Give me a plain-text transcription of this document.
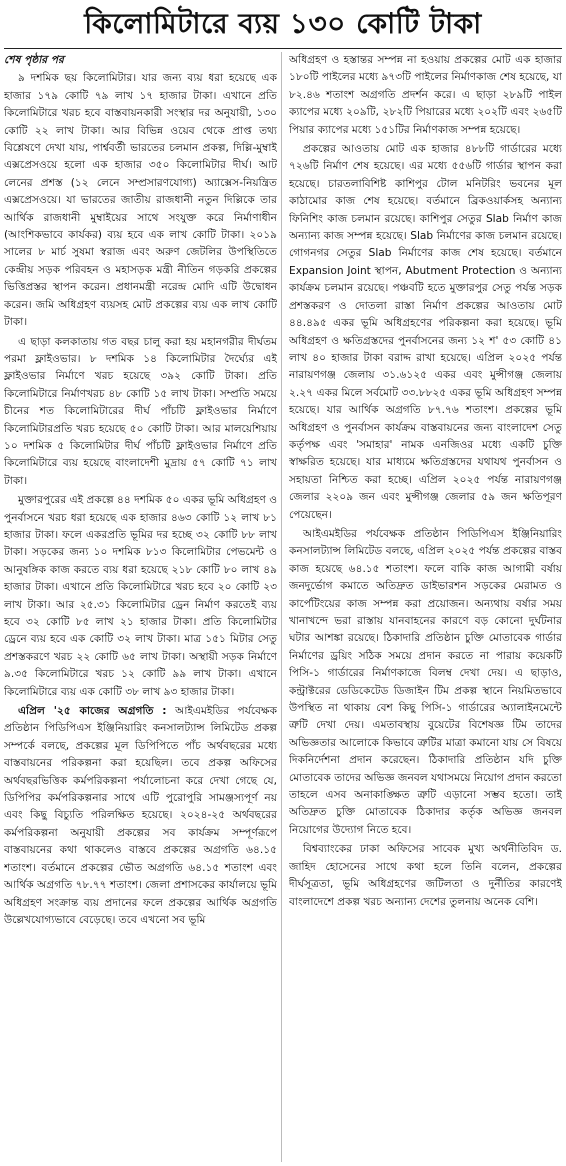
কিলোমিটারে ব্যয় ১৩০ কোটি টাকা
শেষ পৃষ্ঠার পর

৯ দশমিক ছয় কিলোমিটার। যার জন্য ব্যয় ধরা হয়েছে এক হাজার ১৭৯ কোটি ৭৯ লাখ ১৭ হাজার টাকা। এখানে প্রতি কিলোমিটারে খরচ হবে বাস্তবায়নকারী সংস্থার দর অনুযায়ী, ১৩০ কোটি ২২ লাখ টাকা। আর বিভিন্ন ওয়েব থেকে প্রাপ্ত তথ্য বিশ্লেষণে দেখা যায়, পার্শ্ববর্তী ভারতের চলমান প্রকল্প, দিল্লি-মুম্বাই এক্সপ্রেসওয়ে হলো এক হাজার ৩৫০ কিলোমিটার দীর্ঘ। আট লেনের প্রশস্ত (১২ লেনে সম্প্রসারণযোগ্য) অ্যাক্সেস-নিয়ন্ত্রিত এক্সপ্রেসওয়ে। যা ভারতের জাতীয় রাজধানী নতুন দিল্লিকে তার আর্থিক রাজধানী মুম্বাইয়ের সাথে সংযুক্ত করে নির্মাণাধীন (আংশিকভাবে কার্যকর) ব্যয় হবে এক লাখ কোটি টাকা। ২০১৯ সালের ৮ মার্চ সুষমা স্বরাজ এবং অরুণ জেটলির উপস্থিতিতে কেন্দ্রীয় সড়ক পরিবহন ও মহাসড়ক মন্ত্রী নীতিন গড়করি প্রকল্পের ভিত্তিপ্রস্তর স্থাপন করেন। প্রধানমন্ত্রী নরেন্দ্র মোদি এটি উদ্বোধন করেন। জমি অধিগ্রহণ ব্যয়সহ মোট প্রকল্পের ব্যয় এক লাখ কোটি টাকা।

এ ছাড়া কলকাতায় গত বছর চালু করা হয় মহানগরীর দীর্ঘতম পরমা ফ্লাইওভার। ৮ দশমিক ১৪ কিলোমিটার দৈর্ঘ্যের এই ফ্লাইওভার নির্মাণে খরচ হয়েছে ৩৯২ কোটি টাকা। প্রতি কিলোমিটারে নির্মাণখরচ ৪৮ কোটি ১৫ লাখ টাকা। সম্প্রতি সময়ে চীনের শত কিলোমিটারের দীর্ঘ পাঁচটি ফ্লাইওভার নির্মাণে কিলোমিটারপ্রতি খরচ হয়েছে ৫০ কোটি টাকা। আর মালয়েশিয়ায় ১০ দশমিক ৫ কিলোমিটার দীর্ঘ পাঁচটি ফ্লাইওভার নির্মাণে প্রতি কিলোমিটারে ব্যয় হয়েছে বাংলাদেশী মুদ্রায় ৫৭ কোটি ৭১ লাখ টাকা।

মুক্তারপুরের এই প্রকল্পে ৪৪ দশমিক ৫০ একর ভূমি অধিগ্রহণ ও পুনর্বাসনে খরচ ধরা হয়েছে এক হাজার ৪৬৩ কোটি ১২ লাখ ৮১ হাজার টাকা। ফলে একরপ্রতি ভূমির দর হচ্ছে ৩২ কোটি ৮৮ লাখ টাকা। সড়কের জন্য ১০ দশমিক ৮১৩ কিলোমিটার পেভমেন্ট ও আনুষঙ্গিক কাজ করতে ব্যয় ধরা হয়েছে ২১৮ কোটি ৮০ লাখ ৪৯ হাজার টাকা। এখানে প্রতি কিলোমিটারে খরচ হবে ২০ কোটি ২৩ লাখ টাকা। আর ২৫.৩১ কিলোমিটার ড্রেন নির্মাণ করতেই ব্যয় হবে ৩২ কোটি ৮৫ লাখ ২১ হাজার টাকা। প্রতি কিলোমিটার ড্রেনে ব্যয় হবে এক কোটি ৩২ লাখ টাকা। মাত্র ১৫১ মিটার সেতু প্রশস্তকরণে খরচ ২২ কোটি ৬৫ লাখ টাকা। অস্থায়ী সড়ক নির্মাণে ৯.৩৫ কিলোমিটারে খরচ ১২ কোটি ৯৯ লাখ টাকা। এখানে কিলোমিটারে ব্যয় এক কোটি ৩৮ লাখ ৯৩ হাজার টাকা।

এপ্রিল '২৫ কাজের অগ্রগতি : আইএমইডির পর্যবেক্ষক প্রতিষ্ঠান পিডিপিএস ইঞ্জিনিয়ারিং কনসালট্যান্স লিমিটেড প্রকল্প সম্পর্কে বলছে, প্রকল্পের মূল ডিপিপিতে পাঁচ অর্থবছরের মধ্যে বাস্তবায়নের পরিকল্পনা করা হয়েছিল। তবে প্রকল্প অফিসের অর্থবছরভিত্তিক কর্মপরিকল্পনা পর্যালোচনা করে দেখা গেছে যে, ডিপিপির কর্মপরিকল্পনার সাথে এটি পুরোপুরি সামঞ্জস্যপূর্ণ নয় এবং কিছু বিচ্যুতি পরিলক্ষিত হয়েছে। ২০২৪-২৫ অর্থবছরের কর্মপরিকল্পনা অনুযায়ী প্রকল্পের সব কার্যক্রম সম্পূর্ণরূপে বাস্তবায়নের কথা থাকলেও বাস্তবে প্রকল্পের অগ্রগতি ৬৪.১৫ শতাংশ। বর্তমানে প্রকল্পের ভৌত অগ্রগতি ৬৪.১৫ শতাংশ এবং আর্থিক অগ্রগতি ৭৮.৭৭ শতাংশ। জেলা প্রশাসকের কার্যালয়ে ভূমি অধিগ্রহণ সংক্রান্ত ব্যয় প্রদানের ফলে প্রকল্পের আর্থিক অগ্রগতি উল্লেখযোগ্যভাবে বেড়েছে। তবে এখনো সব ভূমি

অধিগ্রহণ ও হস্তান্তর সম্পন্ন না হওয়ায় প্রকল্পের মোট এক হাজার ১৮০টি পাইলের মধ্যে ৯৭৩টি পাইলের নির্মাণকাজ শেষ হয়েছে, যা ৮২.৪৬ শতাংশ অগ্রগতি প্রদর্শন করে। এ ছাড়া ২৮৯টি পাইল ক্যাপের মধ্যে ২০৯টি, ২৮২টি পিয়ারের মধ্যে ২০২টি এবং ২৬৫টি পিয়ার ক্যাপের মধ্যে ১৫১টির নির্মাণকাজ সম্পন্ন হয়েছে।

প্রকল্পের আওতায় মোট এক হাজার ৪৮৮টি গার্ডারের মধ্যে ৭২৬টি নির্মাণ শেষ হয়েছে। এর মধ্যে ৫৫৬টি গার্ডার স্থাপন করা হয়েছে। চারতলাবিশিষ্ট কাশিপুর টোল মনিটরিং ভবনের মূল কাঠামোর কাজ শেষ হয়েছে। বর্তমানে ব্রিকওয়ার্কসহ অন্যান্য ফিনিশিং কাজ চলমান রয়েছে। কাশিপুর সেতুর Slab নির্মাণ কাজ অন্যান্য কাজ সম্পন্ন হয়েছে। Slab নির্মাণের কাজ চলমান রয়েছে। গোগনগর সেতুর Slab নির্মাণের কাজ শেষ হয়েছে। বর্তমানে Expansion Joint স্থাপন, Abutment Protection ও অন্যান্য কার্যক্রম চলমান রয়েছে। পঞ্চবটি হতে মুক্তারপুর সেতু পর্যন্ত সড়ক প্রশস্তকরণ ও দোতলা রাস্তা নির্মাণ প্রকল্পের আওতায় মোট ৪৪.৪৯৫ একর ভূমি অধিগ্রহণের পরিকল্পনা করা হয়েছে। ভূমি অধিগ্রহণ ও ক্ষতিগ্রস্তদের পুনর্বাসনের জন্য ১২ শ' ৫৩ কোটি ৪১ লাখ ৪০ হাজার টাকা বরাদ্দ রাখা হয়েছে। এপ্রিল ২০২৫ পর্যন্ত নারায়ণগঞ্জ জেলায় ৩১.৬১২৫ একর এবং মুন্সীগঞ্জ জেলায় ২.২৭ একর মিলে সর্বমোট ৩৩.৮৮২৫ একর ভূমি অধিগ্রহণ সম্পন্ন হয়েছে। যার আর্থিক অগ্রগতি ৮৭.৭৬ শতাংশ। প্রকল্পের ভূমি অধিগ্রহণ ও পুনর্বাসন কার্যক্রম বাস্তবায়নের জন্য বাংলাদেশ সেতু কর্তৃপক্ষ এবং 'সমাহার' নামক এনজিওর মধ্যে একটি চুক্তি স্বাক্ষরিত হয়েছে। যার মাধ্যমে ক্ষতিগ্রস্তদের যথাযথ পুনর্বাসন ও সহায়তা নিশ্চিত করা হচ্ছে। এপ্রিল ২০২৫ পর্যন্ত নারায়ণগঞ্জ জেলার ২২০৯ জন এবং মুন্সীগঞ্জ জেলার ৫৯ জন ক্ষতিপূরণ পেয়েছেন।

আইএমইডির পর্যবেক্ষক প্রতিষ্ঠান পিডিপিএস ইঞ্জিনিয়ারিং কনসালট্যান্স লিমিটেড বলছে, এপ্রিল ২০২৫ পর্যন্ত প্রকল্পের বাস্তব কাজ হয়েছে ৬৪.১৫ শতাংশ। ফলে বাকি কাজ আগামী বর্ষায় জনদুর্ভোগ কমাতে অতিদ্রুত ডাইভারশন সড়কের মেরামত ও কার্পেটিংয়ের কাজ সম্পন্ন করা প্রয়োজন। অন্যথায় বর্ষার সময় খানাখন্দে ভরা রাস্তায় যানবাহনের কারণে বড় কোনো দুর্ঘটনার ঘটার আশঙ্কা রয়েছে। ঠিকাদারি প্রতিষ্ঠান চুক্তি মোতাবেক গার্ডার নির্মাণের ড্রয়িং সঠিক সময়ে প্রদান করতে না পারায় কয়েকটি পিসি-১ গার্ডারের নির্মাণকাজে বিলম্ব দেখা দেয়। এ ছাড়াও, কন্ট্রাক্টরের ডেডিকেটেড ডিজাইন টিম প্রকল্প স্থানে নিয়মিতভাবে উপস্থিত না থাকায় বেশ কিছু পিসি-১ গার্ডারের অ্যালাইনমেন্টে ত্রুটি দেখা দেয়। এমতাবস্থায় বুয়েটের বিশেষজ্ঞ টিম তাদের অভিজ্ঞতার আলোকে কিভাবে ত্রুটির মাত্রা কমানো যায় সে বিষয়ে দিকনির্দেশনা প্রদান করেছেন। ঠিকাদারি প্রতিষ্ঠান যদি চুক্তি মোতাবেক তাদের অভিজ্ঞ জনবল যথাসময়ে নিয়োগ প্রদান করতো তাহলে এসব অনাকাঙ্ক্ষিত ত্রুটি এড়ানো সম্ভব হতো। তাই অতিদ্রুত চুক্তি মোতাবেক ঠিকাদার কর্তৃক অভিজ্ঞ জনবল নিয়োগের উদ্যোগ নিতে হবে।

বিশ্বব্যাংকের ঢাকা অফিসের সাবেক মুখ্য অর্থনীতিবিদ ড. জাহিদ হোসেনের সাথে কথা হলে তিনি বলেন, প্রকল্পের দীর্ঘসূত্রতা, ভূমি অধিগ্রহণের জটিলতা ও দুর্নীতির কারণেই বাংলাদেশে প্রকল্প খরচ অন্যান্য দেশের তুলনায় অনেক বেশি।
